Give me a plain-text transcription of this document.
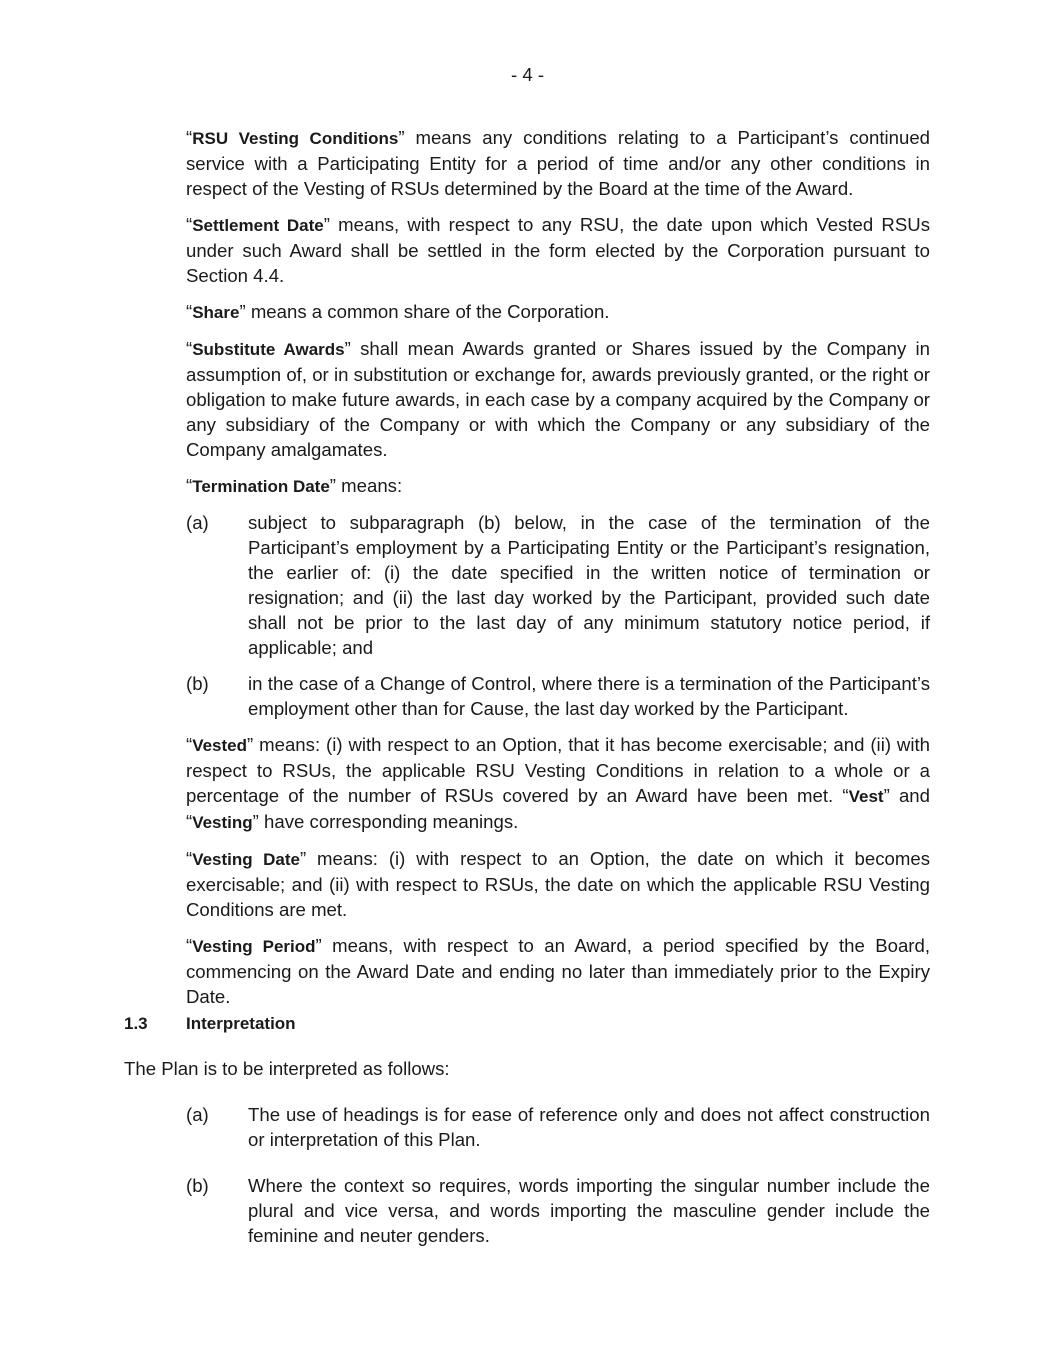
- 4 -

“RSU Vesting Conditions” means any conditions relating to a Participant’s continued service with a Participating Entity for a period of time and/or any other conditions in respect of the Vesting of RSUs determined by the Board at the time of the Award.

“Settlement Date” means, with respect to any RSU, the date upon which Vested RSUs under such Award shall be settled in the form elected by the Corporation pursuant to Section 4.4.

“Share” means a common share of the Corporation.

“Substitute Awards” shall mean Awards granted or Shares issued by the Company in assumption of, or in substitution or exchange for, awards previously granted, or the right or obligation to make future awards, in each case by a company acquired by the Company or any subsidiary of the Company or with which the Company or any subsidiary of the Company amalgamates.

“Termination Date” means:

(a)	subject to subparagraph (b) below, in the case of the termination of the Participant’s employment by a Participating Entity or the Participant’s resignation, the earlier of: (i) the date specified in the written notice of termination or resignation; and (ii) the last day worked by the Participant, provided such date shall not be prior to the last day of any minimum statutory notice period, if applicable; and
(b)	in the case of a Change of Control, where there is a termination of the Participant’s employment other than for Cause, the last day worked by the Participant.

“Vested” means: (i) with respect to an Option, that it has become exercisable; and (ii) with respect to RSUs, the applicable RSU Vesting Conditions in relation to a whole or a percentage of the number of RSUs covered by an Award have been met. “Vest” and “Vesting” have corresponding meanings.

“Vesting Date” means: (i) with respect to an Option, the date on which it becomes exercisable; and (ii) with respect to RSUs, the date on which the applicable RSU Vesting Conditions are met.

“Vesting Period” means, with respect to an Award, a period specified by the Board, commencing on the Award Date and ending no later than immediately prior to the Expiry Date.

1.3	Interpretation
The Plan is to be interpreted as follows:
(a)	The use of headings is for ease of reference only and does not affect construction or interpretation of this Plan.
(b)	Where the context so requires, words importing the singular number include the plural and vice versa, and words importing the masculine gender include the feminine and neuter genders.
